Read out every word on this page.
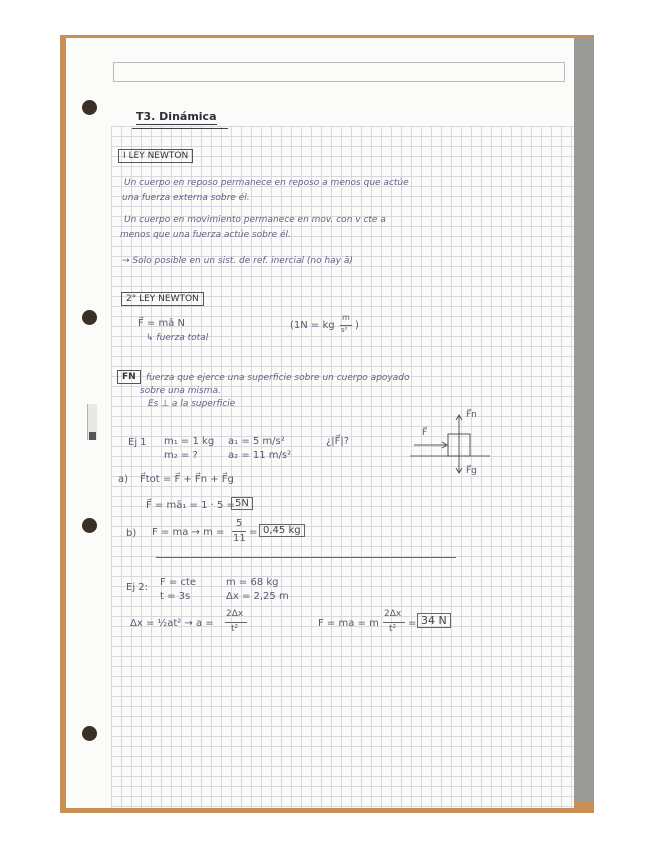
T3. Dinámica
I LEY NEWTON
Un cuerpo en reposo permanece en reposo a menos que actúe
una fuerza externa sobre él.
Un cuerpo en movimiento permanece en mov. con v cte a
menos que una fuerza actúe sobre él.
→ Solo posible en un sist. de ref. inercial (no hay ā)
2° LEY NEWTON
F⃗ = mā N
↳ fuerza total
(1N = kg
m
s² )
FN	fuerza que ejerce una superficie sobre un cuerpo apoyado
sobre una misma.
Es ⊥ a la superficie
Ej 1 m₁ = 1 kg a₁ = 5 m/s²	¿|F⃗|?
m₂ = ?	a₂ = 11 m/s²
F⃗
F⃗n
F⃗g
a) F⃗tot = F⃗ + F⃗n + F⃗g
F⃗ = mā₁ = 1 · 5 = 5N
b) F = ma → m =
5
11
= 0,45 kg
Ej 2: F = cte
t = 3s
m = 68 kg
Δx = 2,25 m
Δx = ½at² → a =
2Δx
t²	F = ma = m
2Δx
t² = 34 N
